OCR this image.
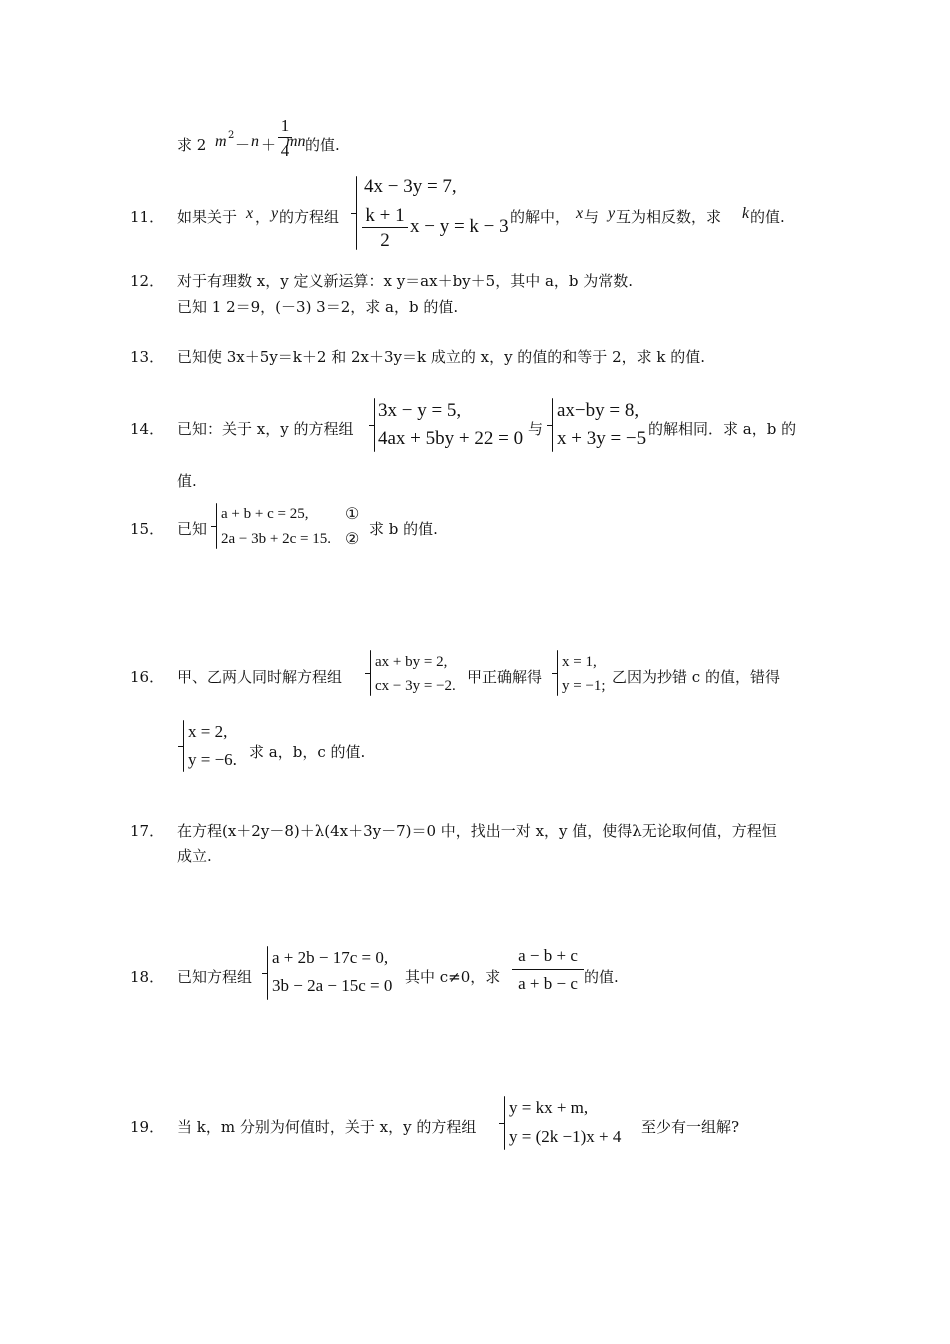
求 2 m 2
－ $n + \frac{1}{4}$
mn 的值.
11． 如果关于 x ， y 的方程组
4x − 3y = 7,
$\frac{k + 1}{2}$ x − y = k − 3 的解中， x 与 y 互为相反数，求 k 的值.
12． 对于有理数 x，y 定义新运算：x y＝ax＋by＋5，其中 a，b 为常数.
已知 1 2＝9，(－3) 3＝2，求 a，b 的值.
13． 已知使 3x＋5y＝k＋2 和 2x＋3y＝k 成立的 x，y 的值的和等于 2，求 k 的值.
14． 已知：关于 x，y 的方程组
3x − y = 5,
4ax + 5by + 22 = 0 与
ax−by = 8,
x + 3y = −5 的解相同．求 a，b 的
值.
15． 已知
a + b + c = 25, ①
2a − 3b + 2c = 15. ②
求 b 的值.
16． 甲、乙两人同时解方程组
ax + by = 2,
cx − 3y = −2. 甲正确解得
x = 1,
y = −1; 乙因为抄错 c 的值，错得
x = 2,
y = −6. 求 a，b，c 的值.
17． 在方程(x＋2y－8)＋λ(4x＋3y－7)＝0 中，找出一对 x，y 值，使得λ无论取何值，方程恒
成立.
18． 已知方程组
a + 2b − 17c = 0,
3b − 2a − 15c = 0 其中 c≠0，求 $\frac{a - b + c}{a + b - c}$ 的值.
19． 当 k，m 分别为何值时，关于 x，y 的方程组
y = kx + m,
y = (2k −1)x + 4 至少有一组解?
